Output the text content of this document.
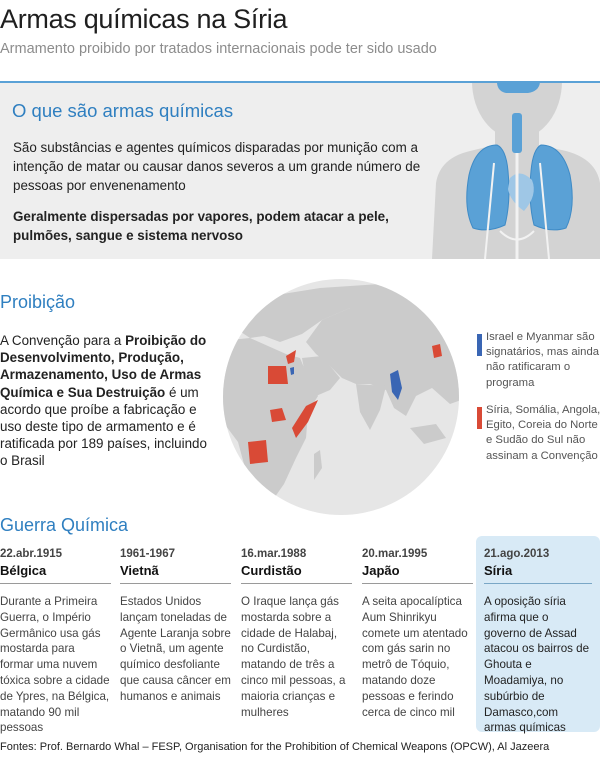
Armas químicas na Síria
Armamento proibido por tratados internacionais pode ter sido usado
O que são armas químicas
São substâncias e agentes químicos disparadas por munição com a intenção de matar ou causar danos severos a um grande número de pessoas por envenenamento
Geralmente dispersadas por vapores, podem atacar a pele, pulmões, sangue e sistema nervoso
Proibição
A Convenção para a Proibição do Desenvolvimento, Produção, Armazenamento, Uso de Armas Química e Sua Destruição é um acordo que proíbe a fabricação e uso deste tipo de armamento e é ratificada por 189 países, incluindo o Brasil
Israel e Myanmar são signatários, mas ainda não ratificaram o programa
Síria, Somália, Angola, Egito, Coreia do Norte e Sudão do Sul não assinam a Convenção
Guerra Química
22.abr.1915
Bélgica
Durante a Primeira Guerra, o Império Germânico usa gás mostarda para formar uma nuvem tóxica sobre a cidade de Ypres, na Bélgica, matando 90 mil pessoas
1961-1967
Vietnã
Estados Unidos lançam toneladas de Agente Laranja sobre o Vietnã, um agente químico desfoliante que causa câncer em humanos e animais
16.mar.1988
Curdistão
O Iraque lança gás mostarda sobre a cidade de Halabaj, no Curdistão, matando de três a cinco mil pessoas, a maioria crianças e mulheres
20.mar.1995
Japão
A seita apocalíptica Aum Shinrikyu comete um atentado com gás sarin no metrô de Tóquio, matando doze pessoas e ferindo cerca de cinco mil
21.ago.2013
Síria
A oposição síria afirma que o governo de Assad atacou os bairros de Ghouta e Moadamiya, no subúrbio de Damasco,com armas químicas
Fontes: Prof. Bernardo Whal – FESP, Organisation for the Prohibition of Chemical Weapons (OPCW), Al Jazeera
